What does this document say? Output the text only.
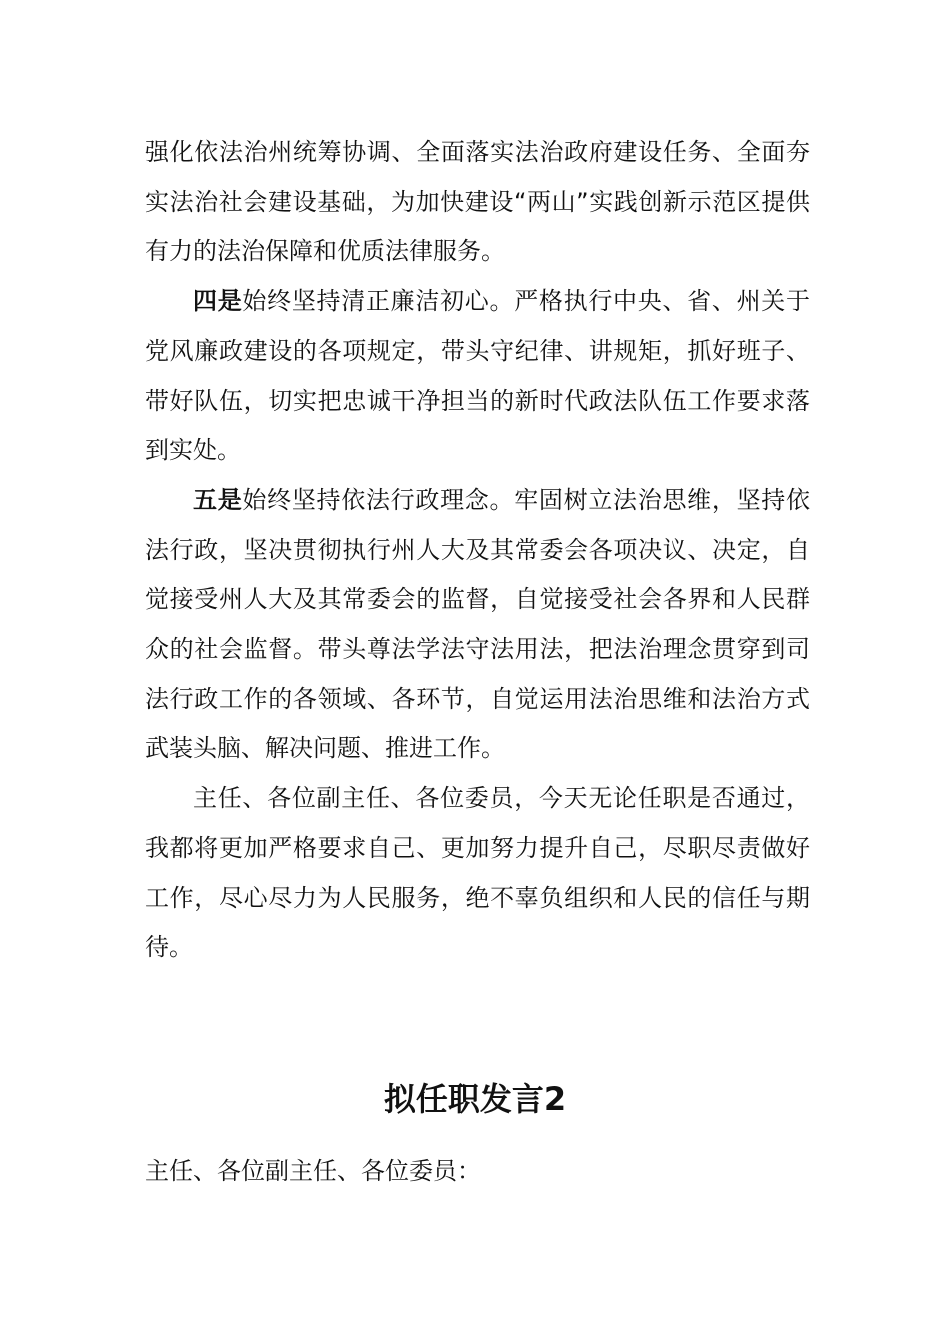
强化依法治州统筹协调、全面落实法治政府建设任务、全面夯实法治社会建设基础，为加快建设“两山”实践创新示范区提供有力的法治保障和优质法律服务。

四是始终坚持清正廉洁初心。严格执行中央、省、州关于党风廉政建设的各项规定，带头守纪律、讲规矩，抓好班子、带好队伍，切实把忠诚干净担当的新时代政法队伍工作要求落到实处。

五是始终坚持依法行政理念。牢固树立法治思维，坚持依法行政，坚决贯彻执行州人大及其常委会各项决议、决定，自觉接受州人大及其常委会的监督，自觉接受社会各界和人民群众的社会监督。带头尊法学法守法用法，把法治理念贯穿到司法行政工作的各领域、各环节，自觉运用法治思维和法治方式武装头脑、解决问题、推进工作。

主任、各位副主任、各位委员，今天无论任职是否通过，我都将更加严格要求自己、更加努力提升自己，尽职尽责做好工作，尽心尽力为人民服务，绝不辜负组织和人民的信任与期待。

拟任职发言2

主任、各位副主任、各位委员：
